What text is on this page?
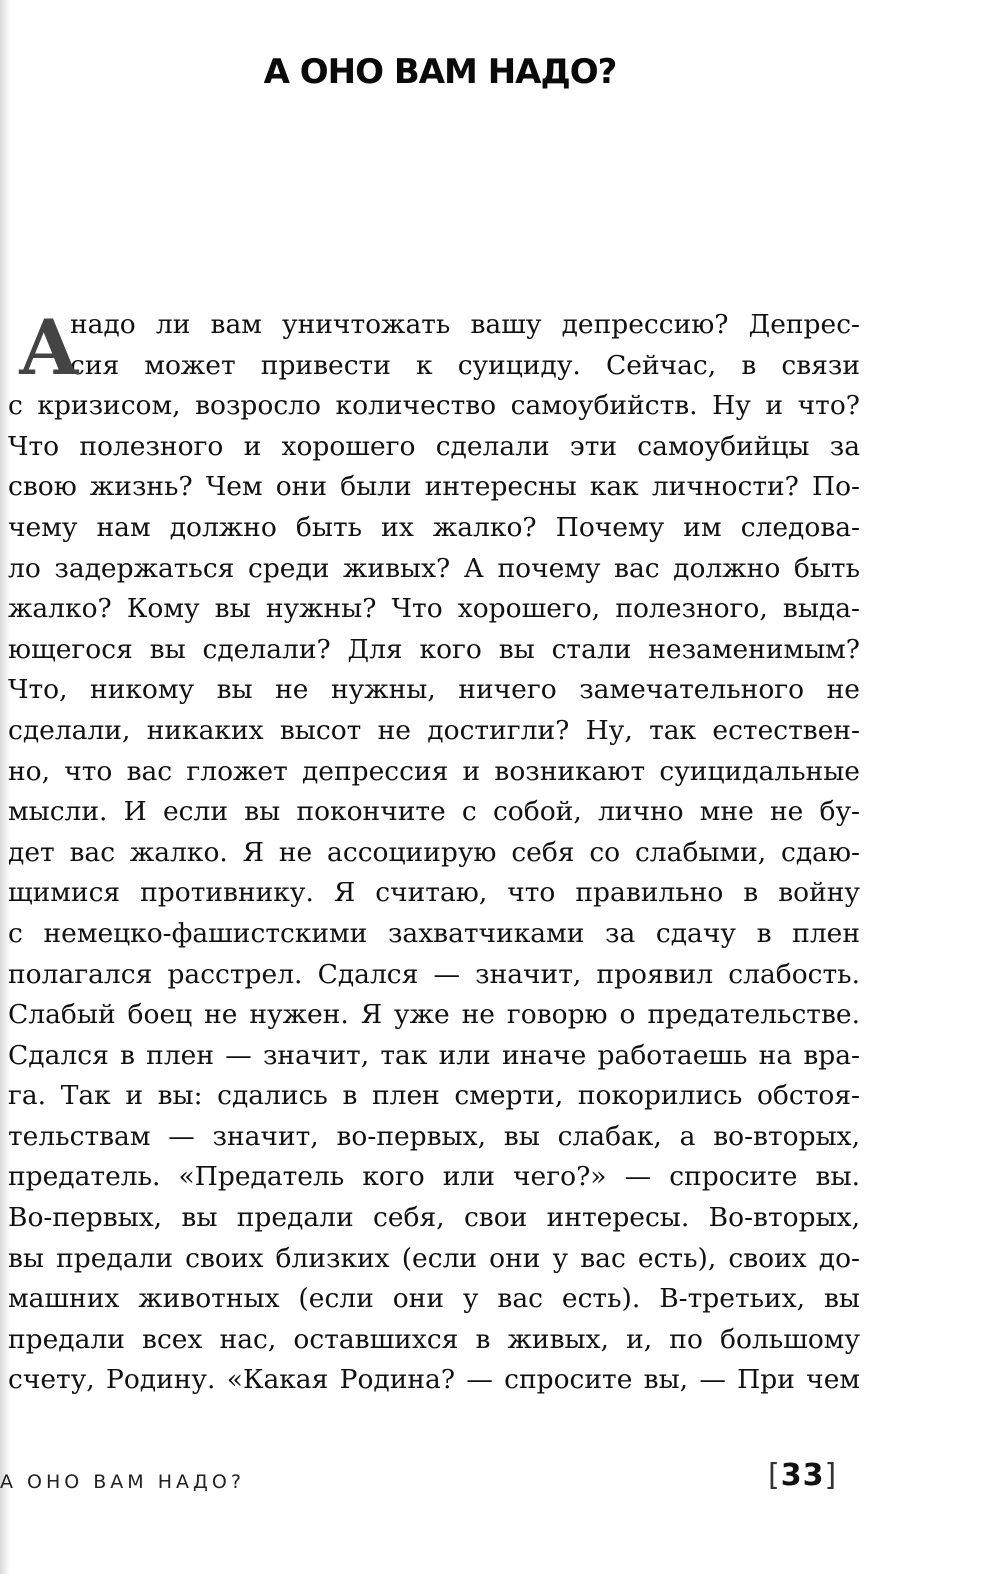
А ОНО ВАМ НАДО?
А
надо ли вам уничтожать вашу депрессию? Депрес-
сия может привести к суициду. Сейчас, в связи
с кризисом, возросло количество самоубийств. Ну и что?
Что полезного и хорошего сделали эти самоубийцы за
свою жизнь? Чем они были интересны как личности? По-
чему нам должно быть их жалко? Почему им следова-
ло задержаться среди живых? А почему вас должно быть
жалко? Кому вы нужны? Что хорошего, полезного, выда-
ющегося вы сделали? Для кого вы стали незаменимым?
Что, никому вы не нужны, ничего замечательного не
сделали, никаких высот не достигли? Ну, так естествен-
но, что вас гложет депрессия и возникают суицидальные
мысли. И если вы покончите с собой, лично мне не бу-
дет вас жалко. Я не ассоциирую себя со слабыми, сдаю-
щимися противнику. Я считаю, что правильно в войну
с немецко-фашистскими захватчиками за сдачу в плен
полагался расстрел. Сдался — значит, проявил слабость.
Слабый боец не нужен. Я уже не говорю о предательстве.
Сдался в плен — значит, так или иначе работаешь на вра-
га. Так и вы: сдались в плен смерти, покорились обстоя-
тельствам — значит, во-первых, вы слабак, а во-вторых,
предатель. «Предатель кого или чего?» — спросите вы.
Во-первых, вы предали себя, свои интересы. Во-вторых,
вы предали своих близких (если они у вас есть), своих до-
машних животных (если они у вас есть). В-третьих, вы
предали всех нас, оставшихся в живых, и, по большому
счету, Родину. «Какая Родина? — спросите вы, — При чем
А ОНО ВАМ НАДО?	[33]
